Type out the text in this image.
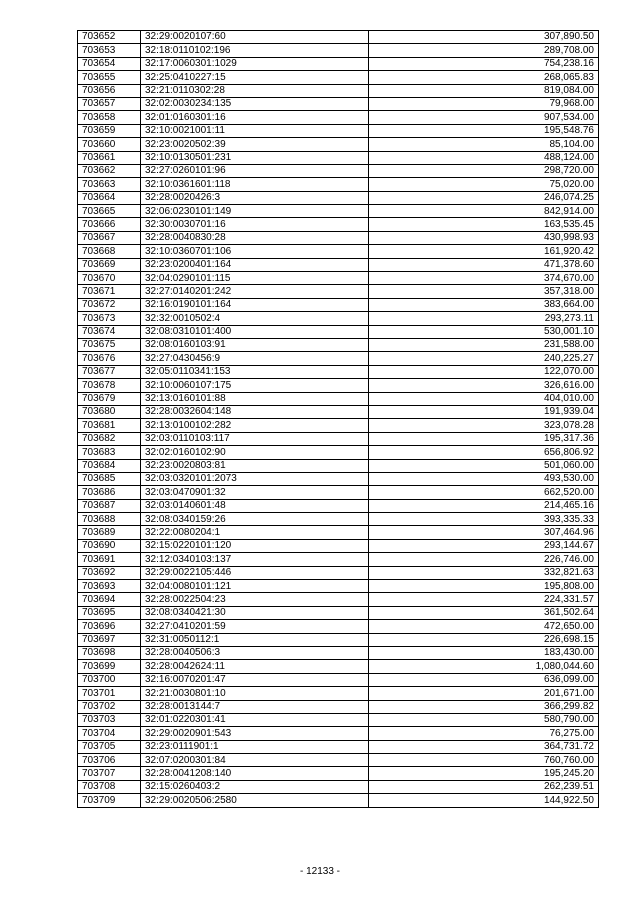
703652	32:29:0020107:60	307,890.50
703653	32:18:0110102:196	289,708.00
703654	32:17:0060301:1029	754,238.16
703655	32:25:0410227:15	268,065.83
703656	32:21:0110302:28	819,084.00
703657	32:02:0030234:135	79,968.00
703658	32:01:0160301:16	907,534.00
703659	32:10:0021001:11	195,548.76
703660	32:23:0020502:39	85,104.00
703661	32:10:0130501:231	488,124.00
703662	32:27:0260101:96	298,720.00
703663	32:10:0361601:118	75,020.00
703664	32:28:0020426:3	246,074.25
703665	32:06:0230101:149	842,914.00
703666	32:30:0030701:16	163,535.45
703667	32:28:0040830:28	430,998.93
703668	32:10:0360701:106	161,920.42
703669	32:23:0200401:164	471,378.60
703670	32:04:0290101:115	374,670.00
703671	32:27:0140201:242	357,318.00
703672	32:16:0190101:164	383,664.00
703673	32:32:0010502:4	293,273.11
703674	32:08:0310101:400	530,001.10
703675	32:08:0160103:91	231,588.00
703676	32:27:0430456:9	240,225.27
703677	32:05:0110341:153	122,070.00
703678	32:10:0060107:175	326,616.00
703679	32:13:0160101:88	404,010.00
703680	32:28:0032604:148	191,939.04
703681	32:13:0100102:282	323,078.28
703682	32:03:0110103:117	195,317.36
703683	32:02:0160102:90	656,806.92
703684	32:23:0020803:81	501,060.00
703685	32:03:0320101:2073	493,530.00
703686	32:03:0470901:32	662,520.00
703687	32:03:0140601:48	214,465.16
703688	32:08:0340159:26	393,335.33
703689	32:22:0080204:1	307,464.96
703690	32:15:0220101:120	293,144.67
703691	32:12:0340103:137	226,746.00
703692	32:29:0022105:446	332,821.63
703693	32:04:0080101:121	195,808.00
703694	32:28:0022504:23	224,331.57
703695	32:08:0340421:30	361,502.64
703696	32:27:0410201:59	472,650.00
703697	32:31:0050112:1	226,698.15
703698	32:28:0040506:3	183,430.00
703699	32:28:0042624:11	1,080,044.60
703700	32:16:0070201:47	636,099.00
703701	32:21:0030801:10	201,671.00
703702	32:28:0013144:7	366,299.82
703703	32:01:0220301:41	580,790.00
703704	32:29:0020901:543	76,275.00
703705	32:23:0111901:1	364,731.72
703706	32:07:0200301:84	760,760.00
703707	32:28:0041208:140	195,245.20
703708	32:15:0260403:2	262,239.51
703709	32:29:0020506:2580	144,922.50
- 12133 -
